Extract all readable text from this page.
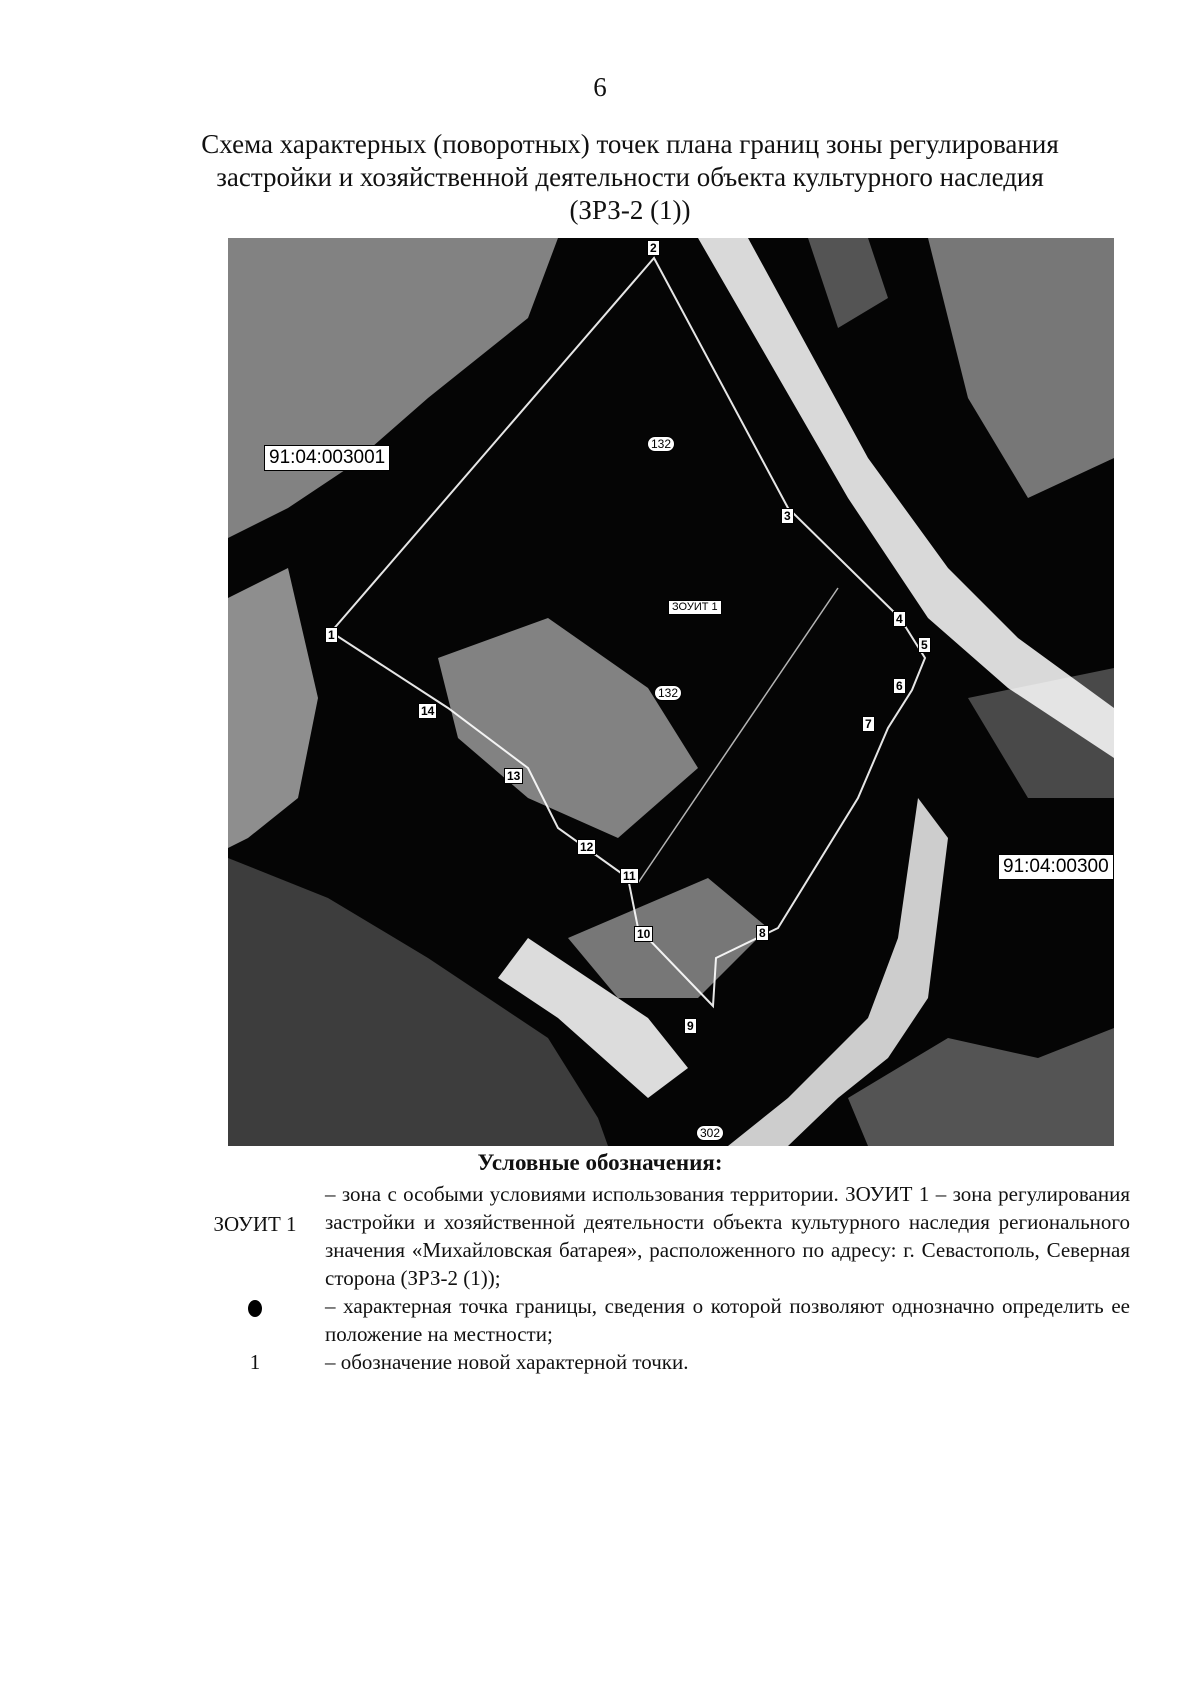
6
Схема характерных (поворотных) точек плана границ зоны регулирования
застройки и хозяйственной деятельности объекта культурного наследия
(ЗРЗ-2 (1))
91:04:003001
91:04:00300
ЗОУИТ 1
132
132
302
1
2
3
4
5
6
7
8
9
10
11
12
13
14
Условные обозначения:
ЗОУИТ 1
– зона с особыми условиями использования территории. ЗОУИТ 1 – зона регулирования застройки и хозяйственной деятельности объекта культурного наследия регионального значения «Михайловская батарея», расположенного по адресу: г. Севастополь, Северная сторона (ЗРЗ-2 (1));
– характерная точка границы, сведения о которой позволяют однозначно определить ее положение на местности;
1	– обозначение новой характерной точки.
